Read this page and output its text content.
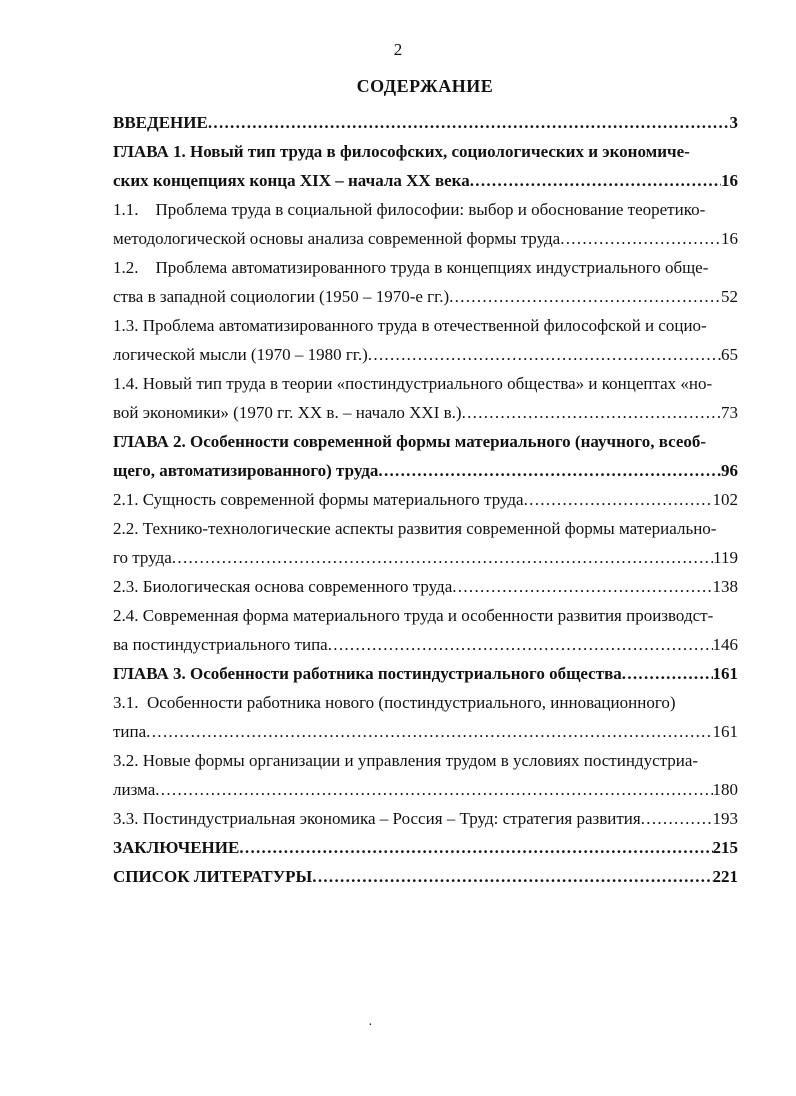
2
СОДЕРЖАНИЕ
ВВЕДЕНИЕ .....	3
ГЛАВА 1. Новый тип труда в философских, социологических и экономиче-
ских концепциях конца XIX – начала XX века .....	16
1.1.    Проблема труда в социальной философии: выбор и обоснование теоретико-
методологической основы анализа современной формы труда .....	16
1.2.    Проблема автоматизированного труда в концепциях индустриального обще-
ства в западной социологии (1950 – 1970-е гг.) .....	52
1.3. Проблема автоматизированного труда в отечественной философской и социо-
логической мысли (1970 – 1980 гг.) .....	65
1.4. Новый тип труда в теории «постиндустриального общества» и концептах «но-
вой экономики» (1970 гг. XX в. – начало XXI в.) .....	73
ГЛАВА 2. Особенности современной формы материального (научного, всеоб-
щего, автоматизированного) труда .....	96
2.1. Сущность современной формы материального труда .....	102
2.2. Технико-технологические аспекты развития современной формы материально-
го труда .....	119
2.3. Биологическая основа современного труда .....	138
2.4. Современная форма материального труда и особенности развития производст-
ва постиндустриального типа .....	146
ГЛАВА 3. Особенности работника постиндустриального общества .....	161
3.1.  Особенности работника нового (постиндустриального, инновационного)
типа .....	161
3.2. Новые формы организации и управления трудом в условиях постиндустриа-
лизма .....	180
3.3. Постиндустриальная экономика – Россия – Труд: стратегия развития .....	193
ЗАКЛЮЧЕНИЕ .....	215
СПИСОК ЛИТЕРАТУРЫ .....	221
·
